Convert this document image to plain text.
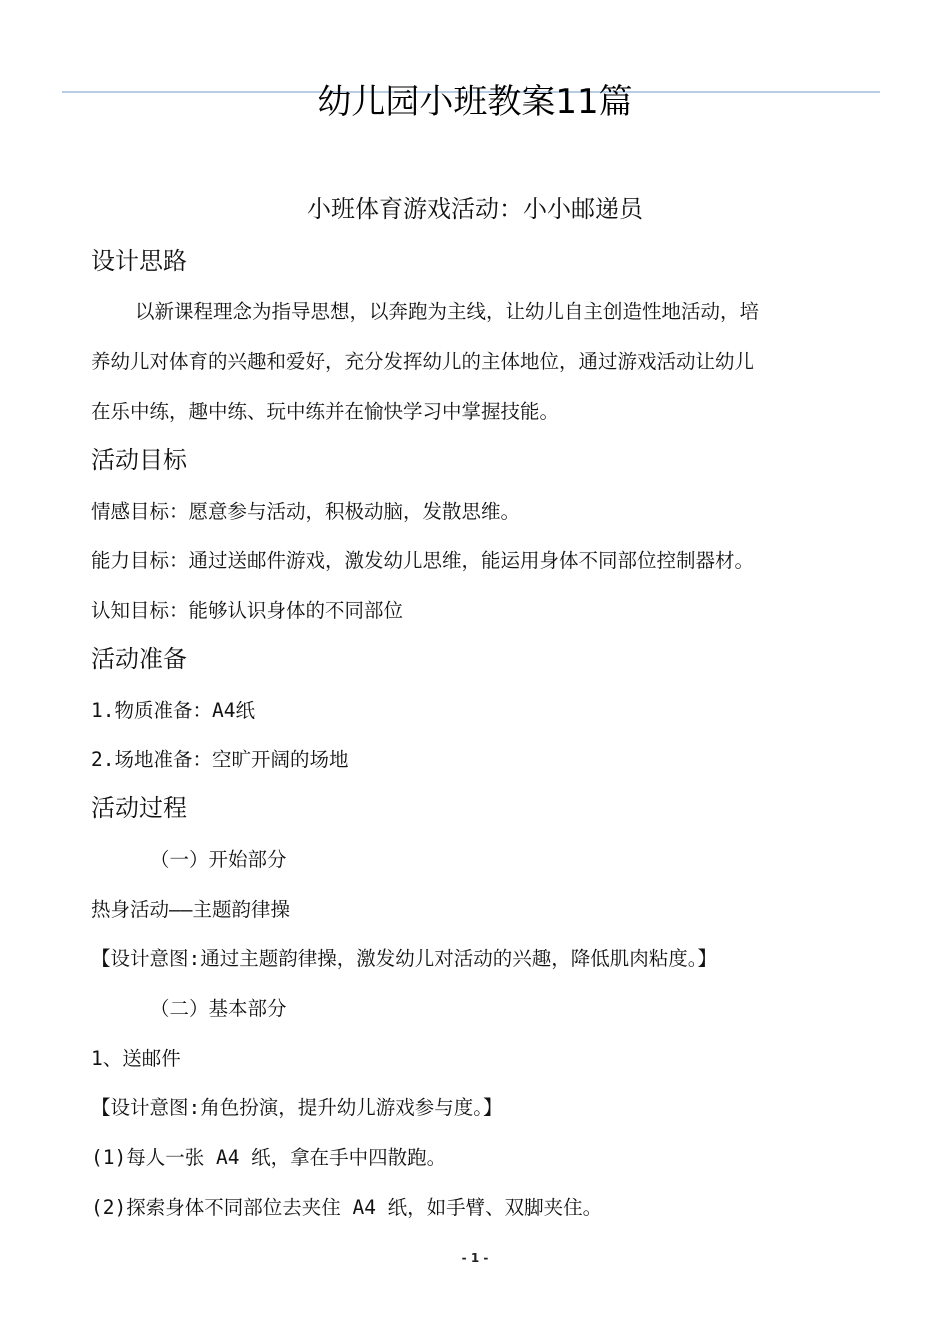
幼儿园小班教案11篇
小班体育游戏活动：小小邮递员
设计思路
以新课程理念为指导思想，以奔跑为主线，让幼儿自主创造性地活动，培
养幼儿对体育的兴趣和爱好，充分发挥幼儿的主体地位，通过游戏活动让幼儿
在乐中练，趣中练、玩中练并在愉快学习中掌握技能。
活动目标
情感目标：愿意参与活动，积极动脑，发散思维。
能力目标：通过送邮件游戏，激发幼儿思维，能运用身体不同部位控制器材。
认知目标：能够认识身体的不同部位
活动准备
1.物质准备：A4纸
2.场地准备：空旷开阔的场地
活动过程
（一）开始部分
热身活动——主题韵律操
【设计意图:通过主题韵律操，激发幼儿对活动的兴趣，降低肌肉粘度。】
（二）基本部分
1、送邮件
【设计意图:角色扮演，提升幼儿游戏参与度。】
(1)每人一张 A4 纸，拿在手中四散跑。
(2)探索身体不同部位去夹住 A4 纸，如手臂、双脚夹住。
- 1 -
